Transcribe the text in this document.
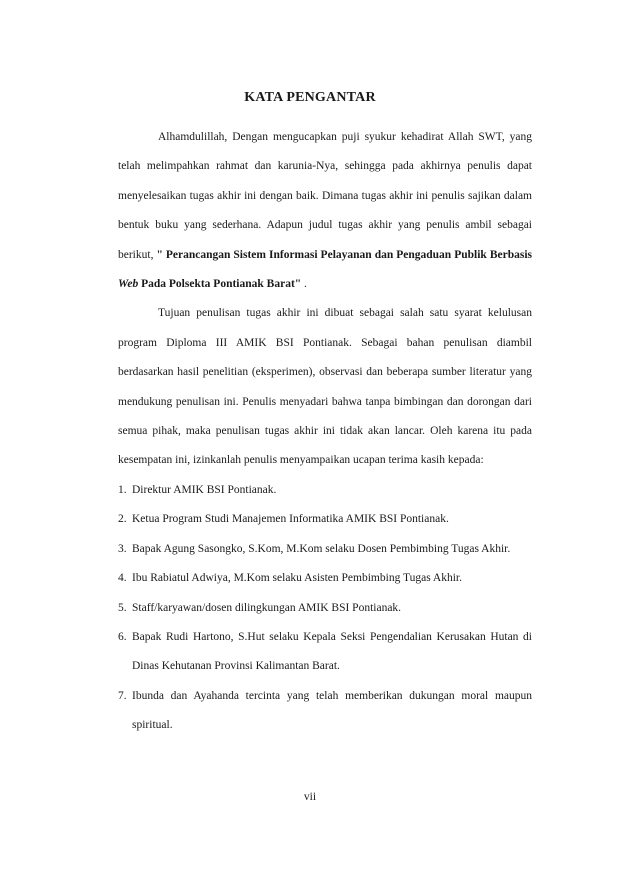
KATA PENGANTAR

Alhamdulillah, Dengan mengucapkan puji syukur kehadirat Allah SWT, yang telah melimpahkan rahmat dan karunia-Nya, sehingga pada akhirnya penulis dapat menyelesaikan tugas akhir ini dengan baik. Dimana tugas akhir ini penulis sajikan dalam bentuk buku yang sederhana. Adapun judul tugas akhir yang penulis ambil sebagai berikut, " Perancangan Sistem Informasi Pelayanan dan Pengaduan Publik Berbasis Web Pada Polsekta Pontianak Barat" .

Tujuan penulisan tugas akhir ini dibuat sebagai salah satu syarat kelulusan program Diploma III AMIK BSI Pontianak. Sebagai bahan penulisan diambil berdasarkan hasil penelitian (eksperimen), observasi dan beberapa sumber literatur yang mendukung penulisan ini. Penulis menyadari bahwa tanpa bimbingan dan dorongan dari semua pihak, maka penulisan tugas akhir ini tidak akan lancar. Oleh karena itu pada kesempatan ini, izinkanlah penulis menyampaikan ucapan terima kasih kepada:

1. Direktur AMIK BSI Pontianak.
2. Ketua Program Studi Manajemen Informatika AMIK BSI Pontianak.
3. Bapak Agung Sasongko, S.Kom, M.Kom selaku Dosen Pembimbing Tugas Akhir.
4. Ibu Rabiatul Adwiya, M.Kom selaku Asisten Pembimbing Tugas Akhir.
5. Staff/karyawan/dosen dilingkungan AMIK BSI Pontianak.
6. Bapak Rudi Hartono, S.Hut selaku Kepala Seksi Pengendalian Kerusakan Hutan di Dinas Kehutanan Provinsi Kalimantan Barat.
7. Ibunda dan Ayahanda tercinta yang telah memberikan dukungan moral maupun spiritual.
vii
